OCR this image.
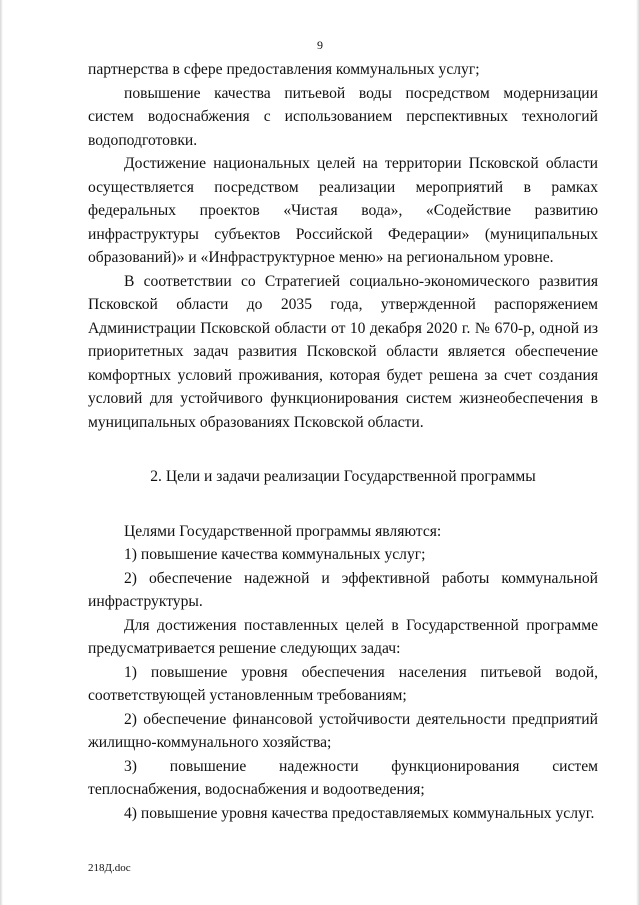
9

партнерства в сфере предоставления коммунальных услуг;

повышение качества питьевой воды посредством модернизации систем водоснабжения с использованием перспективных технологий водоподготовки.

Достижение национальных целей на территории Псковской области осуществляется посредством реализации мероприятий в рамках федеральных проектов «Чистая вода», «Содействие развитию инфраструктуры субъектов Российской Федерации» (муниципальных образований)» и «Инфраструктурное меню» на региональном уровне.

В соответствии со Стратегией социально-экономического развития Псковской области до 2035 года, утвержденной распоряжением Администрации Псковской области от 10 декабря 2020 г. № 670-р, одной из приоритетных задач развития Псковской области является обеспечение комфортных условий проживания, которая будет решена за счет создания условий для устойчивого функционирования систем жизнеобеспечения в муниципальных образованиях Псковской области.

2. Цели и задачи реализации Государственной программы

Целями Государственной программы являются:

1) повышение качества коммунальных услуг;

2) обеспечение надежной и эффективной работы коммунальной инфраструктуры.

Для достижения поставленных целей в Государственной программе предусматривается решение следующих задач:

1) повышение уровня обеспечения населения питьевой водой, соответствующей установленным требованиям;

2) обеспечение финансовой устойчивости деятельности предприятий жилищно-коммунального хозяйства;

3) повышение надежности функционирования систем теплоснабжения, водоснабжения и водоотведения;

4) повышение уровня качества предоставляемых коммунальных услуг.

218Д.doc
